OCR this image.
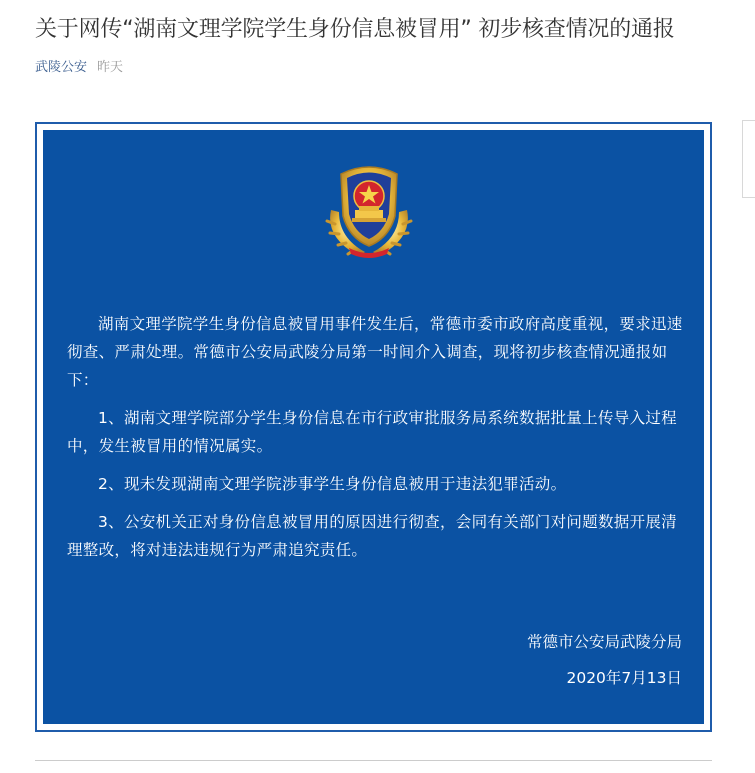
关于网传“湖南文理学院学生身份信息被冒用” 初步核查情况的通报
武陵公安 昨天

湖南文理学院学生身份信息被冒用事件发生后，常德市委市政府高度重视，要求迅速彻查、严肃处理。常德市公安局武陵分局第一时间介入调查，现将初步核查情况通报如下：

1、湖南文理学院部分学生身份信息在市行政审批服务局系统数据批量上传导入过程中，发生被冒用的情况属实。

2、现未发现湖南文理学院涉事学生身份信息被用于违法犯罪活动。

3、公安机关正对身份信息被冒用的原因进行彻查，会同有关部门对问题数据开展清理整改，将对违法违规行为严肃追究责任。

常德市公安局武陵分局
2020年7月13日
